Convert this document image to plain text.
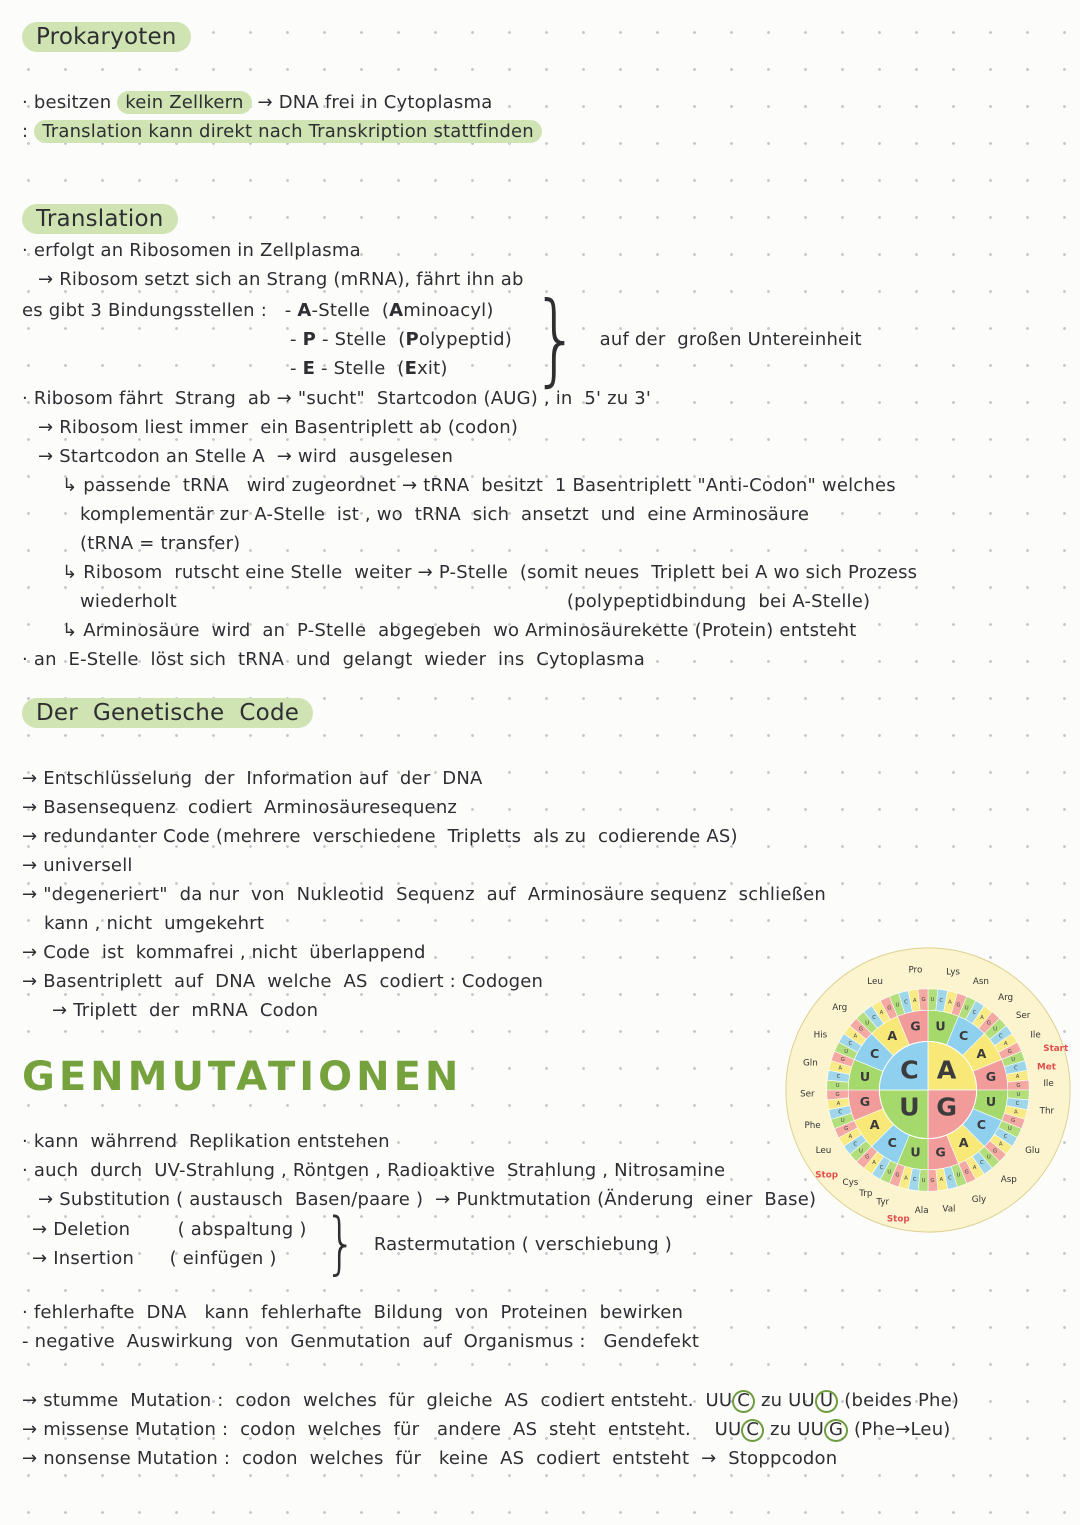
Prokaryoten
· besitzen kein Zellkern → DNA frei in Cytoplasma
: Translation kann direkt nach Transkription stattfinden
Translation
· erfolgt an Ribosomen in Zellplasma
→ Ribosom setzt sich an Strang (mRNA), fährt ihn ab
es gibt 3 Bindungsstellen :   - A-Stelle  (Aminoacyl)
- P - Stelle  (Polypeptid)
- E - Stelle  (Exit) } auf der  großen Untereinheit
· Ribosom fährt  Strang  ab → "sucht"  Startcodon (AUG) , in  5' zu 3'
→ Ribosom liest immer  ein Basentriplett ab (codon)
→ Startcodon an Stelle A  → wird  ausgelesen
↳ passende  tRNA   wird zugeordnet → tRNA  besitzt  1 Basentriplett "Anti-Codon" welches
komplementär zur A-Stelle  ist , wo  tRNA  sich  ansetzt  und  eine Arminosäure
(tRNA = transfer)
↳ Ribosom  rutscht eine Stelle  weiter → P-Stelle  (somit neues  Triplett bei A wo sich Prozess
wiederholt	(polypeptidbindung  bei A-Stelle)
↳ Arminosäure  wird  an  P-Stelle  abgegeben  wo Arminosäurekette (Protein) entsteht
· an  E-Stelle  löst sich  tRNA  und  gelangt  wieder  ins  Cytoplasma
Der  Genetische  Code
→ Entschlüsselung  der  Information auf  der  DNA
→ Basensequenz  codiert  Arminosäuresequenz
→ redundanter Code (mehrere  verschiedene  Tripletts  als zu  codierende AS)
→ universell
→ "degeneriert"  da nur  von  Nukleotid  Sequenz  auf  Arminosäure sequenz  schließen
kann , nicht  umgekehrt
→ Code  ist  kommafrei , nicht  überlappend
→ Basentriplett  auf  DNA  welche  AS  codiert : Codogen
→ Triplett  der  mRNA  Codon
GENMUTATIONEN
· kann  währrend  Replikation entstehen
· auch  durch  UV-Strahlung , Röntgen , Radioaktive  Strahlung , Nitrosamine
→ Substitution ( austausch  Basen/paare )  → Punktmutation (Änderung  einer  Base)
→ Deletion        ( abspaltung )
→ Insertion      ( einfügen ) } Rastermutation ( verschiebung )
· fehlerhafte  DNA   kann  fehlerhafte  Bildung  von  Proteinen  bewirken
- negative  Auswirkung  von  Genmutation  auf  Organismus :   Gendefekt
→ stumme  Mutation :  codon  welches  für  gleiche  AS  codiert entsteht.  UU C zu UU U (beides Phe)
→ missense Mutation :  codon  welches  für   andere  AS  steht  entsteht.    UU C zu UU G (Phe→Leu)
→ nonsense Mutation :  codon  welches  für   keine  AS  codiert  entsteht  →  Stoppcodon
U C A G
U
U
C
A
G
C	U
C
A
G
A	U
C
A
G
G
A
U
C
A
G
U
U
C
A
G
C
U
C
A
G
A
U
C
A
G
G
G
U
C
A
G
U
U
C
A
G
C
U
C
A
G A
U
C
A
G G U
U
C
A
G
U
U
C
A
G
C
U
C
A
G
A
U C A G
G
C
Pro	Lys
Asn
Arg
Ser
Ile
Start
Met
Ile
Thr
Glu
Asp
Gly
Val
Ala
Stop
Tyr
Trp
Cys
Stop
Leu
Phe
Ser
Gln
His
Arg
Leu
